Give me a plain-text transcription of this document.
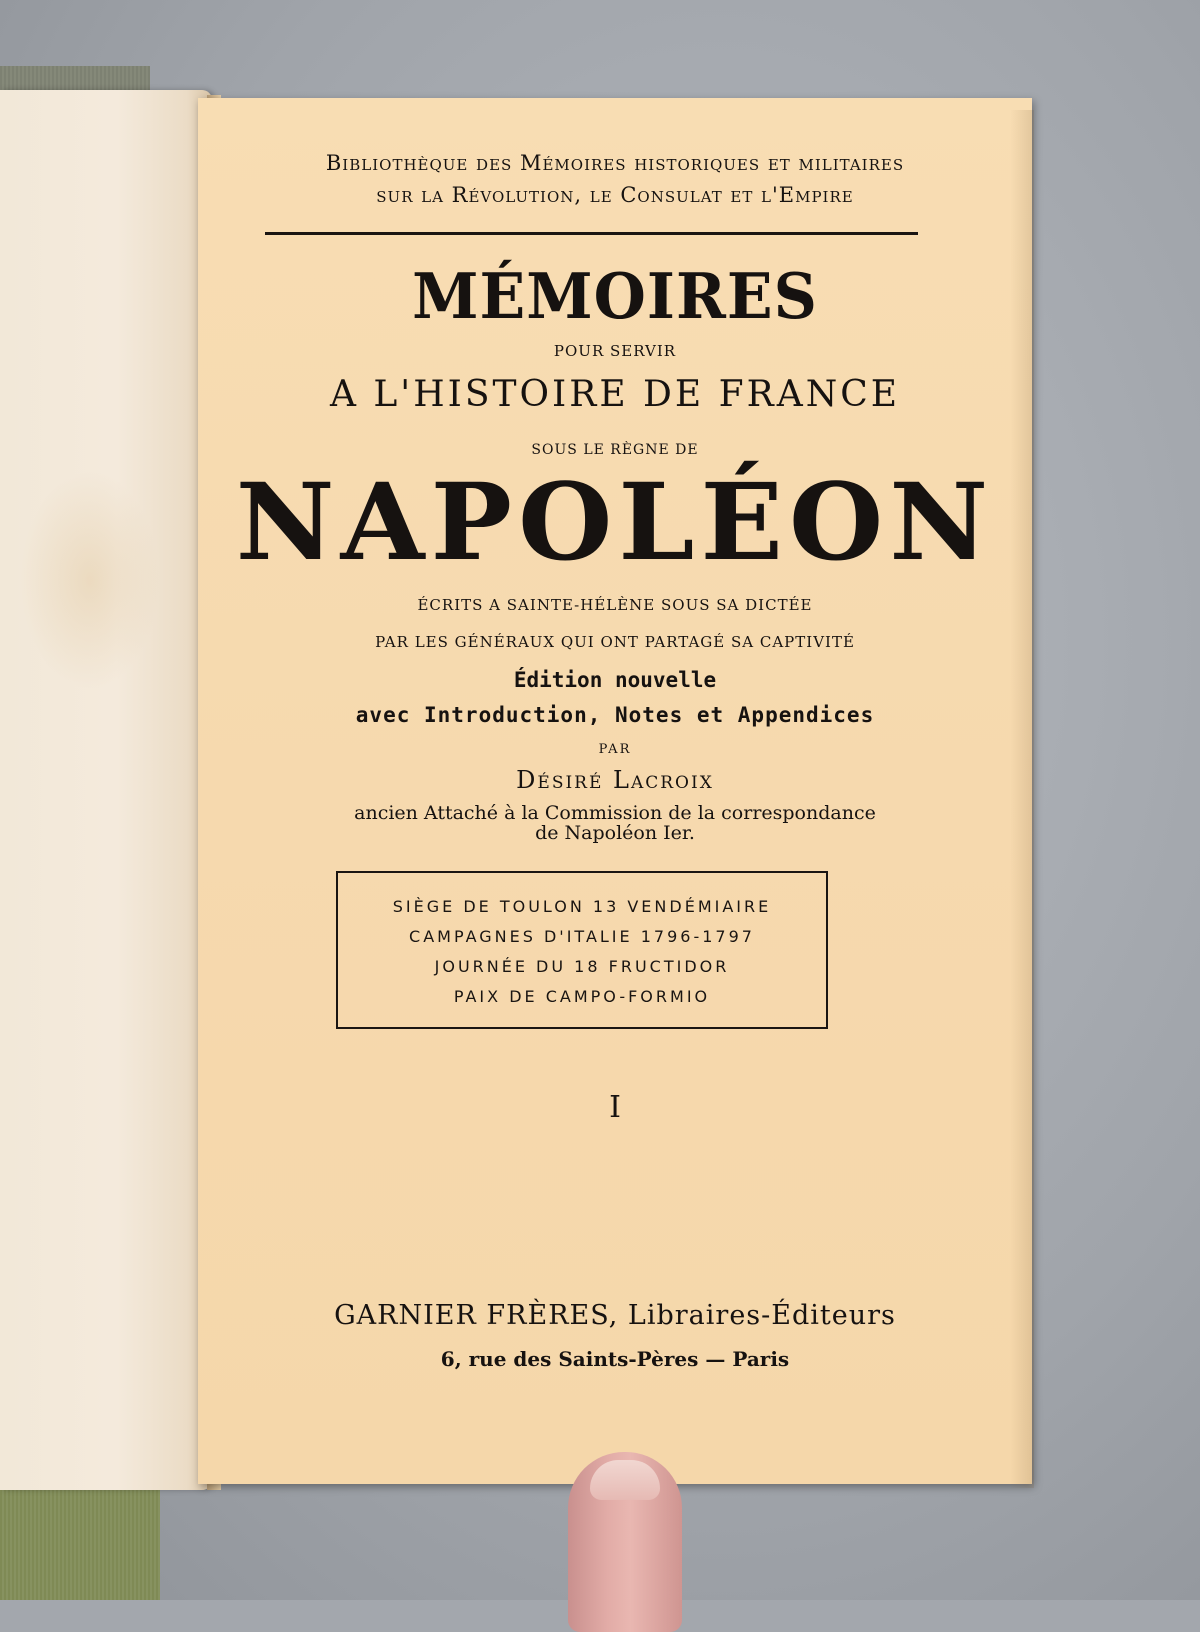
Bibliothèque des Mémoires historiques et militaires
sur la Révolution, le Consulat et l'Empire
MÉMOIRES
POUR SERVIR
A L'HISTOIRE DE FRANCE
SOUS LE RÈGNE DE
NAPOLÉON
ÉCRITS A SAINTE-HÉLÈNE SOUS SA DICTÉE
PAR LES GÉNÉRAUX QUI ONT PARTAGÉ SA CAPTIVITÉ
Édition nouvelle
avec Introduction, Notes et Appendices
PAR
Désiré Lacroix
ancien Attaché à la Commission de la correspondance
de Napoléon Ier.
SIÈGE DE TOULON 13 VENDÉMIAIRE
CAMPAGNES D'ITALIE 1796-1797
JOURNÉE DU 18 FRUCTIDOR
PAIX DE CAMPO-FORMIO
I
GARNIER FRÈRES, Libraires-Éditeurs
6, rue des Saints-Pères — Paris
